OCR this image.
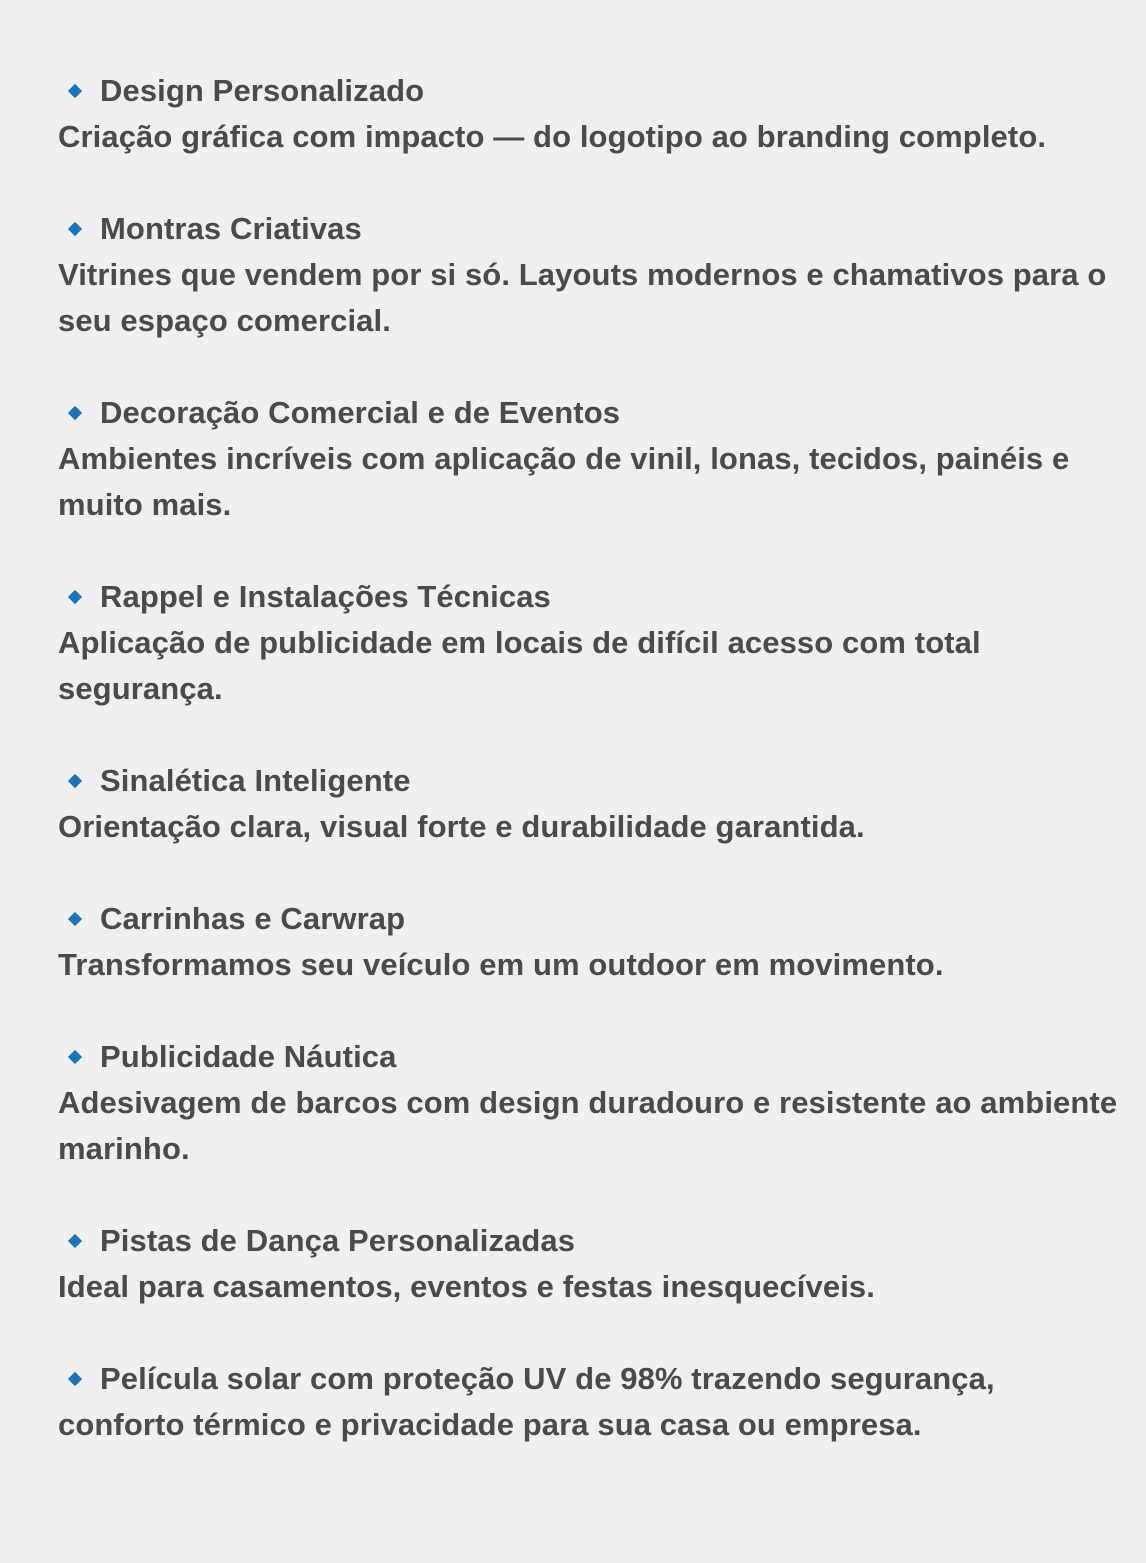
Design Personalizado

Criação gráfica com impacto — do logotipo ao branding completo.

Montras Criativas

Vitrines que vendem por si só. Layouts modernos e chamativos para o seu espaço comercial.

Decoração Comercial e de Eventos

Ambientes incríveis com aplicação de vinil, lonas, tecidos, painéis e muito mais.

Rappel e Instalações Técnicas

Aplicação de publicidade em locais de difícil acesso com total segurança.

Sinalética Inteligente

Orientação clara, visual forte e durabilidade garantida.

Carrinhas e Carwrap

Transformamos seu veículo em um outdoor em movimento.

Publicidade Náutica

Adesivagem de barcos com design duradouro e resistente ao ambiente marinho.

Pistas de Dança Personalizadas

Ideal para casamentos, eventos e festas inesquecíveis.

Película solar com proteção UV de 98% trazendo segurança, conforto térmico e privacidade para sua casa ou empresa.
